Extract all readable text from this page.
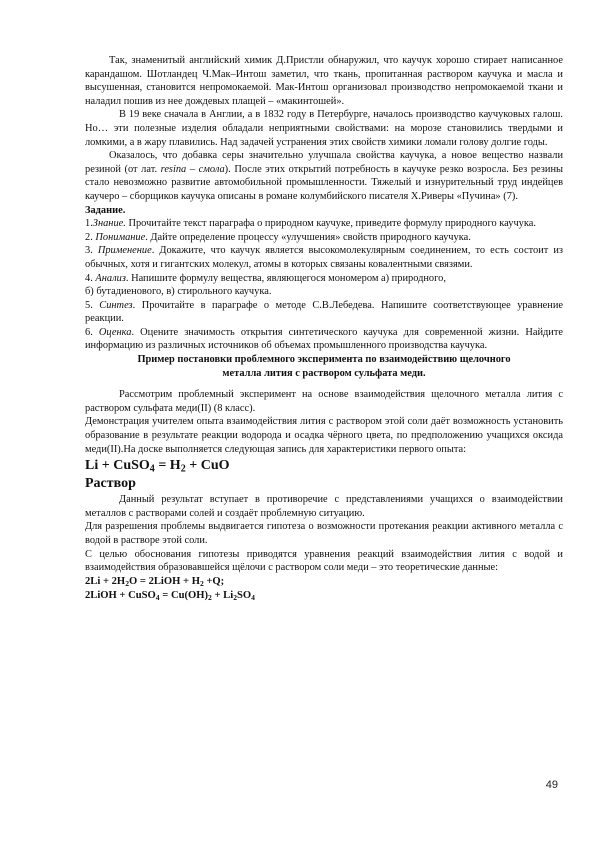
Так, знаменитый английский химик Д.Пристли обнаружил, что каучук хорошо стирает написанное карандашом. Шотландец Ч.Мак–Интош заметил, что ткань, пропитанная раствором каучука и масла и высушенная, становится непромокаемой. Мак-Интош организовал производство непромокаемой ткани и наладил пошив из нее дождевых плащей – «макинтошей».

В 19 веке сначала в Англии, а в 1832 году в Петербурге, началось производство каучуковых галош. Но… эти полезные изделия обладали неприятными свойствами: на морозе становились твердыми и ломкими, а в жару плавились. Над задачей устранения этих свойств химики ломали голову долгие годы.

Оказалось, что добавка серы значительно улучшала свойства каучука, а новое вещество назвали резиной (от лат. resina – смола). После этих открытий потребность в каучуке резко возросла. Без резины стало невозможно развитие автомобильной промышленности. Тяжелый и изнурительный труд индейцев каучеро – сборщиков каучука описаны в романе колумбийского писателя Х.Риверы «Пучина» (7).

Задание.

1.Знание. Прочитайте текст параграфа о природном каучуке, приведите формулу природного каучука.

2. Понимание. Дайте определение процессу «улучшения» свойств природного каучука.

3. Применение. Докажите, что каучук является высокомолекулярным соединением, то есть состоит из обычных, хотя и гигантских молекул, атомы в которых связаны ковалентными связями.

4. Анализ. Напишите формулу вещества, являющегося мономером а) природного,

б) бутадиенового, в) стирольного каучука.

5. Синтез. Прочитайте в параграфе о методе С.В.Лебедева. Напишите соответствующее уравнение реакции.

6. Оценка. Оцените значимость открытия синтетического каучука для современной жизни. Найдите информацию из различных источников об объемах промышленного производства каучука.

Пример постановки проблемного эксперимента по взаимодействию щелочного

металла лития с раствором сульфата меди.

Рассмотрим проблемный эксперимент на основе взаимодействия щелочного металла лития с раствором сульфата меди(II) (8 класс).

Демонстрация учителем опыта взаимодействия лития с раствором этой соли даёт возможность установить образование в результате реакции водорода и осадка чёрного цвета, по предположению учащихся оксида меди(II).На доске выполняется следующая запись для характеристики первого опыта:

Li + CuSO$_4$ = $H_2$ + CuO

Раствор

Данный результат вступает в противоречие с представлениями учащихся о взаимодействии металлов с растворами солей и создаёт проблемную ситуацию.

Для разрешения проблемы выдвигается гипотеза о возможности протекания реакции активного металла с водой в растворе этой соли.

С целью обоснования гипотезы приводятся уравнения реакций взаимодействия лития с водой и взаимодействия образовавшейся щёлочи с раствором соли меди – это теоретические данные:

$2Li + 2H_2O$ = 2LiOH + $H_2 +Q$;

2LiOH + CuSO$_4$ = $Cu(OH)_2 + Li_2SO_4$

49
